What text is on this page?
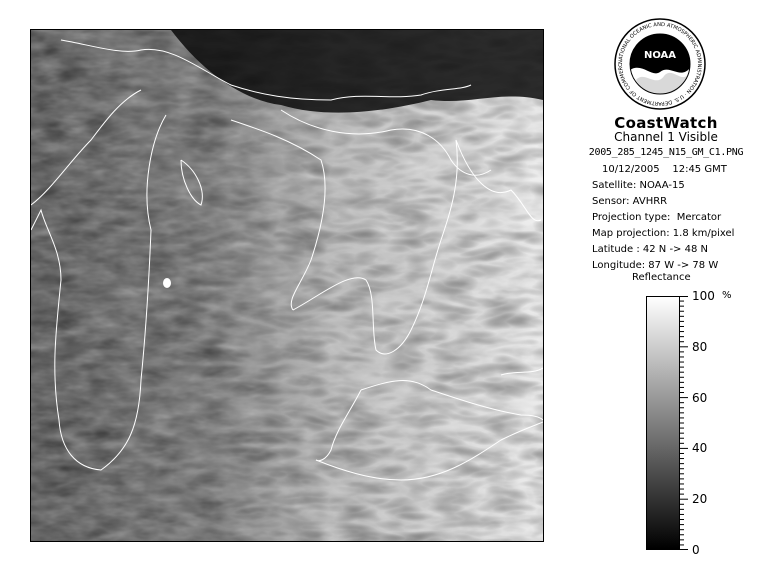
NOAA
NATIONAL OCEANIC AND ATMOSPHERIC ADMINISTRATION · U.S. DEPARTMENT OF COMMERC
CoastWatch
Channel 1 Visible
2005_285_1245_N15_GM_C1.PNG
10/12/2005    12:45 GMT
Satellite: NOAA-15
Sensor: AVHRR
Projection type:  Mercator
Map projection: 1.8 km/pixel
Latitude : 42 N -> 48 N
Longitude: 87 W -> 78 W
Reflectance
100
80
60
40
20
0
%
